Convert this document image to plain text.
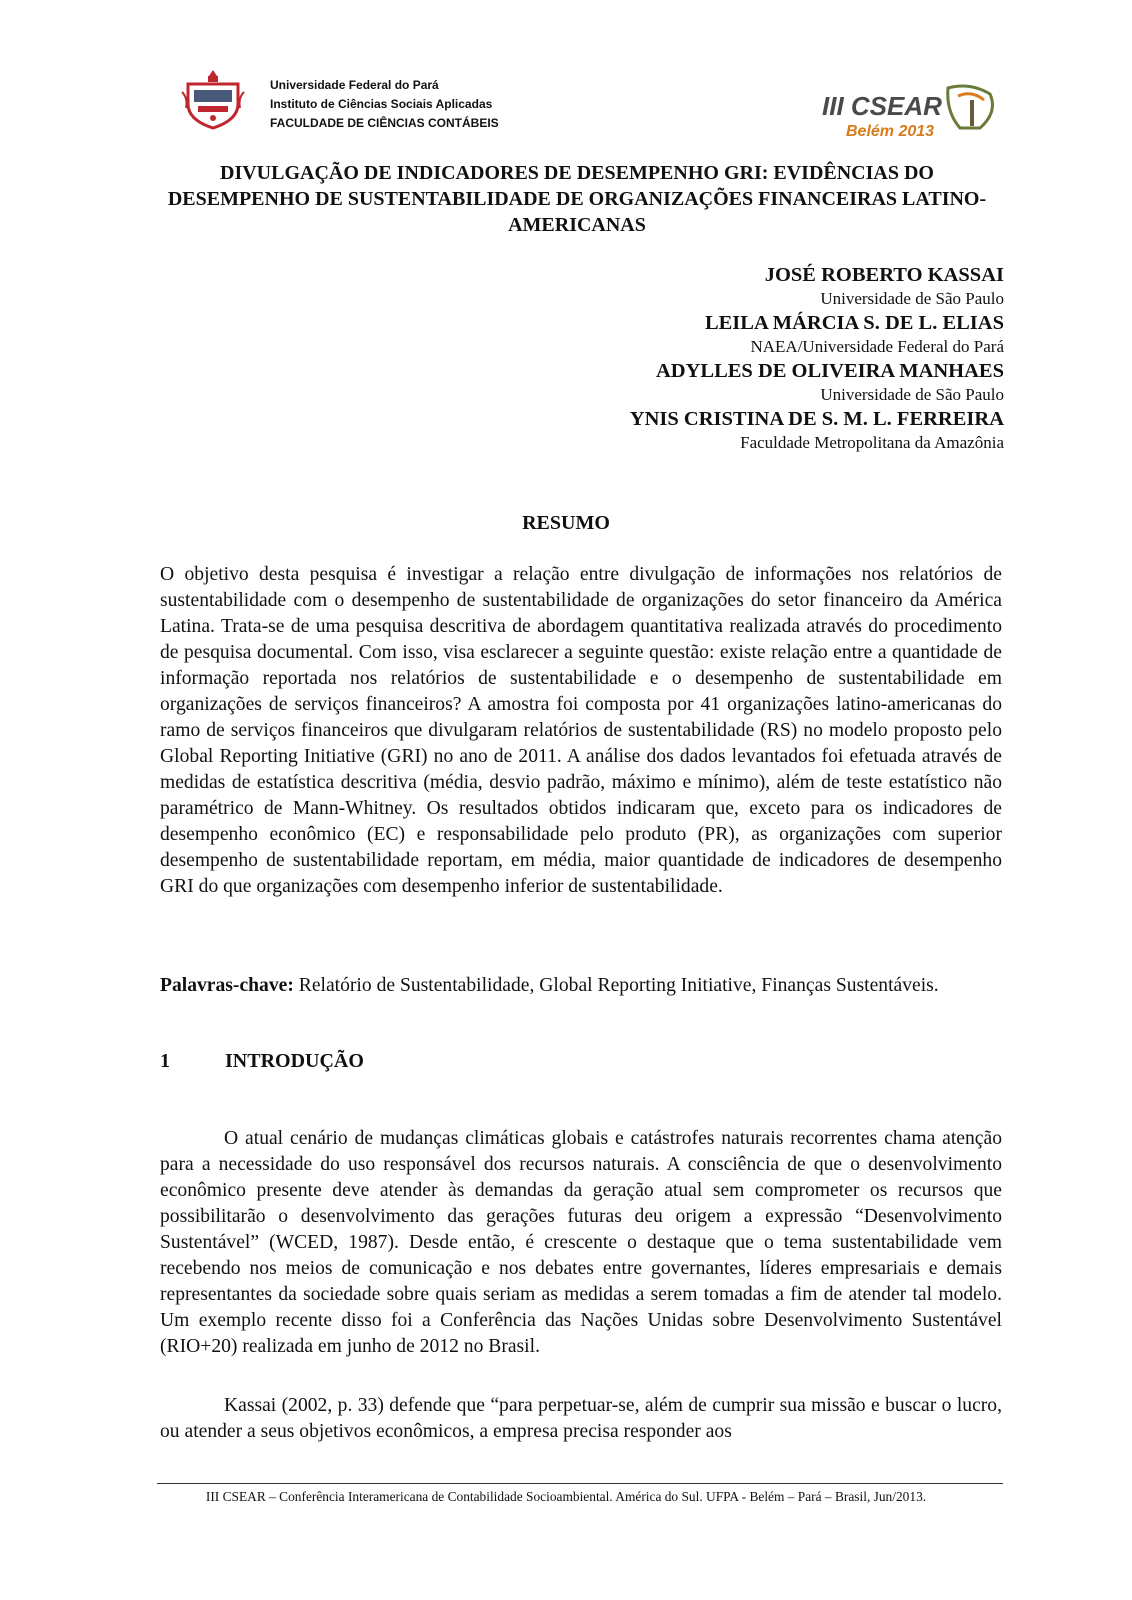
Universidade Federal do Pará
Instituto de Ciências Sociais Aplicadas
FACULDADE DE CIÊNCIAS CONTÁBEIS
III CSEAR
Belém 2013
DIVULGAÇÃO DE INDICADORES DE DESEMPENHO GRI: EVIDÊNCIAS DO DESEMPENHO DE SUSTENTABILIDADE DE ORGANIZAÇÕES FINANCEIRAS LATINO-AMERICANAS
JOSÉ ROBERTO KASSAI
Universidade de São Paulo
LEILA MÁRCIA S. DE L. ELIAS
NAEA/Universidade Federal do Pará
ADYLLES DE OLIVEIRA MANHAES
Universidade de São Paulo
YNIS CRISTINA DE S. M. L. FERREIRA
Faculdade Metropolitana da Amazônia
RESUMO
O objetivo desta pesquisa é investigar a relação entre divulgação de informações nos relatórios de sustentabilidade com o desempenho de sustentabilidade de organizações do setor financeiro da América Latina. Trata-se de uma pesquisa descritiva de abordagem quantitativa realizada através do procedimento de pesquisa documental. Com isso, visa esclarecer a seguinte questão: existe relação entre a quantidade de informação reportada nos relatórios de sustentabilidade e o desempenho de sustentabilidade em organizações de serviços financeiros? A amostra foi composta por 41 organizações latino-americanas do ramo de serviços financeiros que divulgaram relatórios de sustentabilidade (RS) no modelo proposto pelo Global Reporting Initiative (GRI) no ano de 2011. A análise dos dados levantados foi efetuada através de medidas de estatística descritiva (média, desvio padrão, máximo e mínimo), além de teste estatístico não paramétrico de Mann-Whitney. Os resultados obtidos indicaram que, exceto para os indicadores de desempenho econômico (EC) e responsabilidade pelo produto (PR), as organizações com superior desempenho de sustentabilidade reportam, em média, maior quantidade de indicadores de desempenho GRI do que organizações com desempenho inferior de sustentabilidade.
Palavras-chave: Relatório de Sustentabilidade, Global Reporting Initiative, Finanças Sustentáveis.
1	INTRODUÇÃO
O atual cenário de mudanças climáticas globais e catástrofes naturais recorrentes chama atenção para a necessidade do uso responsável dos recursos naturais. A consciência de que o desenvolvimento econômico presente deve atender às demandas da geração atual sem comprometer os recursos que possibilitarão o desenvolvimento das gerações futuras deu origem a expressão “Desenvolvimento Sustentável” (WCED, 1987). Desde então, é crescente o destaque que o tema sustentabilidade vem recebendo nos meios de comunicação e nos debates entre governantes, líderes empresariais e demais representantes da sociedade sobre quais seriam as medidas a serem tomadas a fim de atender tal modelo. Um exemplo recente disso foi a Conferência das Nações Unidas sobre Desenvolvimento Sustentável (RIO+20) realizada em junho de 2012 no Brasil.
Kassai (2002, p. 33) defende que “para perpetuar-se, além de cumprir sua missão e buscar o lucro, ou atender a seus objetivos econômicos, a empresa precisa responder aos
III CSEAR – Conferência Interamericana de Contabilidade Socioambiental. América do Sul. UFPA - Belém – Pará – Brasil, Jun/2013.
